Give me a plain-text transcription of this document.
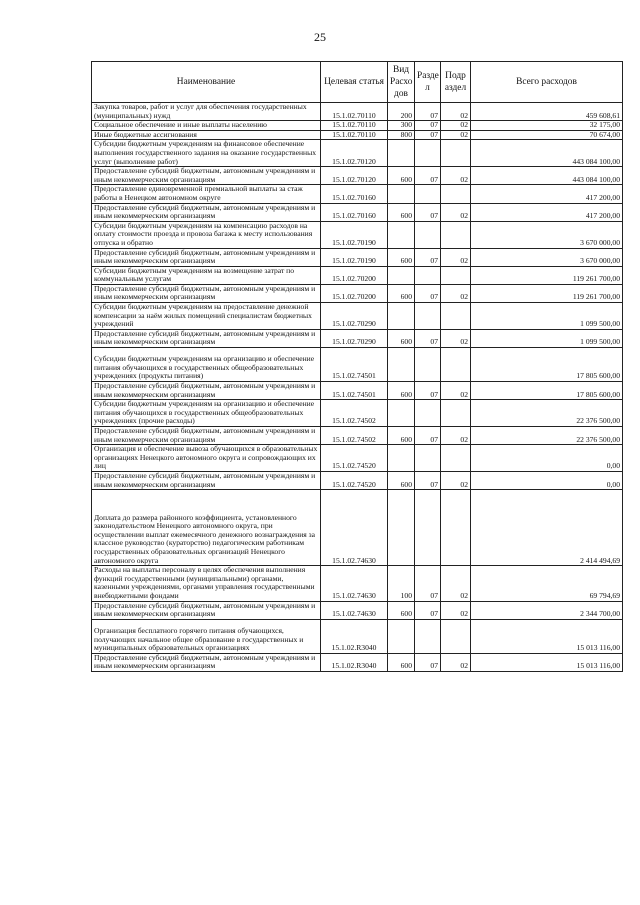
25
Наименование	Целевая статья	Вид Расхо дов	Разде л	Подр аздел	Всего расходов
Закупка товаров, работ и услуг для обеспечения государственных (муниципальных) нужд	15.1.02.70110	200	07	02	459 608,61
Социальное обеспечение и иные выплаты населению	15.1.02.70110	300	07	02	32 175,00
Иные бюджетные ассигнования	15.1.02.70110	800	07	02	70 674,00
Субсидии бюджетным учреждениям на финансовое обеспечение выполнения государственного задания на оказание государственных услуг (выполнение работ)	15.1.02.70120				443 084 100,00
Предоставление субсидий бюджетным, автономным учреждениям и иным некоммерческим организациям	15.1.02.70120	600	07	02	443 084 100,00
Предоставление единовременной премиальной выплаты за стаж работы в Ненецком автономном округе	15.1.02.70160				417 200,00
Предоставление субсидий бюджетным, автономным учреждениям и иным некоммерческим организациям	15.1.02.70160	600	07	02	417 200,00
Субсидии бюджетным учреждениям на компенсацию расходов на оплату стоимости проезда и провоза багажа к месту использования отпуска и обратно	15.1.02.70190				3 670 000,00
Предоставление субсидий бюджетным, автономным учреждениям и иным некоммерческим организациям	15.1.02.70190	600	07	02	3 670 000,00
Субсидии бюджетным учреждениям на возмещение затрат по коммунальным услугам	15.1.02.70200				119 261 700,00
Предоставление субсидий бюджетным, автономным учреждениям и иным некоммерческим организациям	15.1.02.70200	600	07	02	119 261 700,00
Субсидии бюджетным учреждениям на предоставление денежной компенсации за наём жилых помещений специалистам бюджетных учреждений	15.1.02.70290				1 099 500,00
Предоставление субсидий бюджетным, автономным учреждениям и иным некоммерческим организациям	15.1.02.70290	600	07	02	1 099 500,00
Субсидии бюджетным учреждениям на организацию и обеспечение питания обучающихся в государственных общеобразовательных учреждениях (продукты питания)	15.1.02.74501				17 805 600,00
Предоставление субсидий бюджетным, автономным учреждениям и иным некоммерческим организациям	15.1.02.74501	600	07	02	17 805 600,00
Субсидии бюджетным учреждениям на организацию и обеспечение питания обучающихся в государственных общеобразовательных учреждениях (прочие расходы)	15.1.02.74502				22 376 500,00
Предоставление субсидий бюджетным, автономным учреждениям и иным некоммерческим организациям	15.1.02.74502	600	07	02	22 376 500,00
Организация и обеспечение вывоза обучающихся в образовательных организациях Ненецкого автономного округа и сопровождающих их лиц	15.1.02.74520				0,00
Предоставление субсидий бюджетным, автономным учреждениям и иным некоммерческим организациям	15.1.02.74520	600	07	02	0,00
Доплата до размера районного коэффициента, установленного законодательством Ненецкого автономного округа, при осуществлении выплат ежемесячного денежного вознаграждения за классное руководство (кураторство) педагогическим работникам государственных образовательных организаций Ненецкого автономного округа	15.1.02.74630				2 414 494,69
Расходы на выплаты персоналу в целях обеспечения выполнения функций государственными (муниципальными) органами, казенными учреждениями, органами управления государственными внебюджетными фондами	15.1.02.74630	100	07	02	69 794,69
Предоставление субсидий бюджетным, автономным учреждениям и иным некоммерческим организациям	15.1.02.74630	600	07	02	2 344 700,00
Организация бесплатного горячего питания обучающихся, получающих начальное общее образование в государственных и муниципальных образовательных организациях	15.1.02.R3040				15 013 116,00
Предоставление субсидий бюджетным, автономным учреждениям и иным некоммерческим организациям	15.1.02.R3040	600	07	02	15 013 116,00
